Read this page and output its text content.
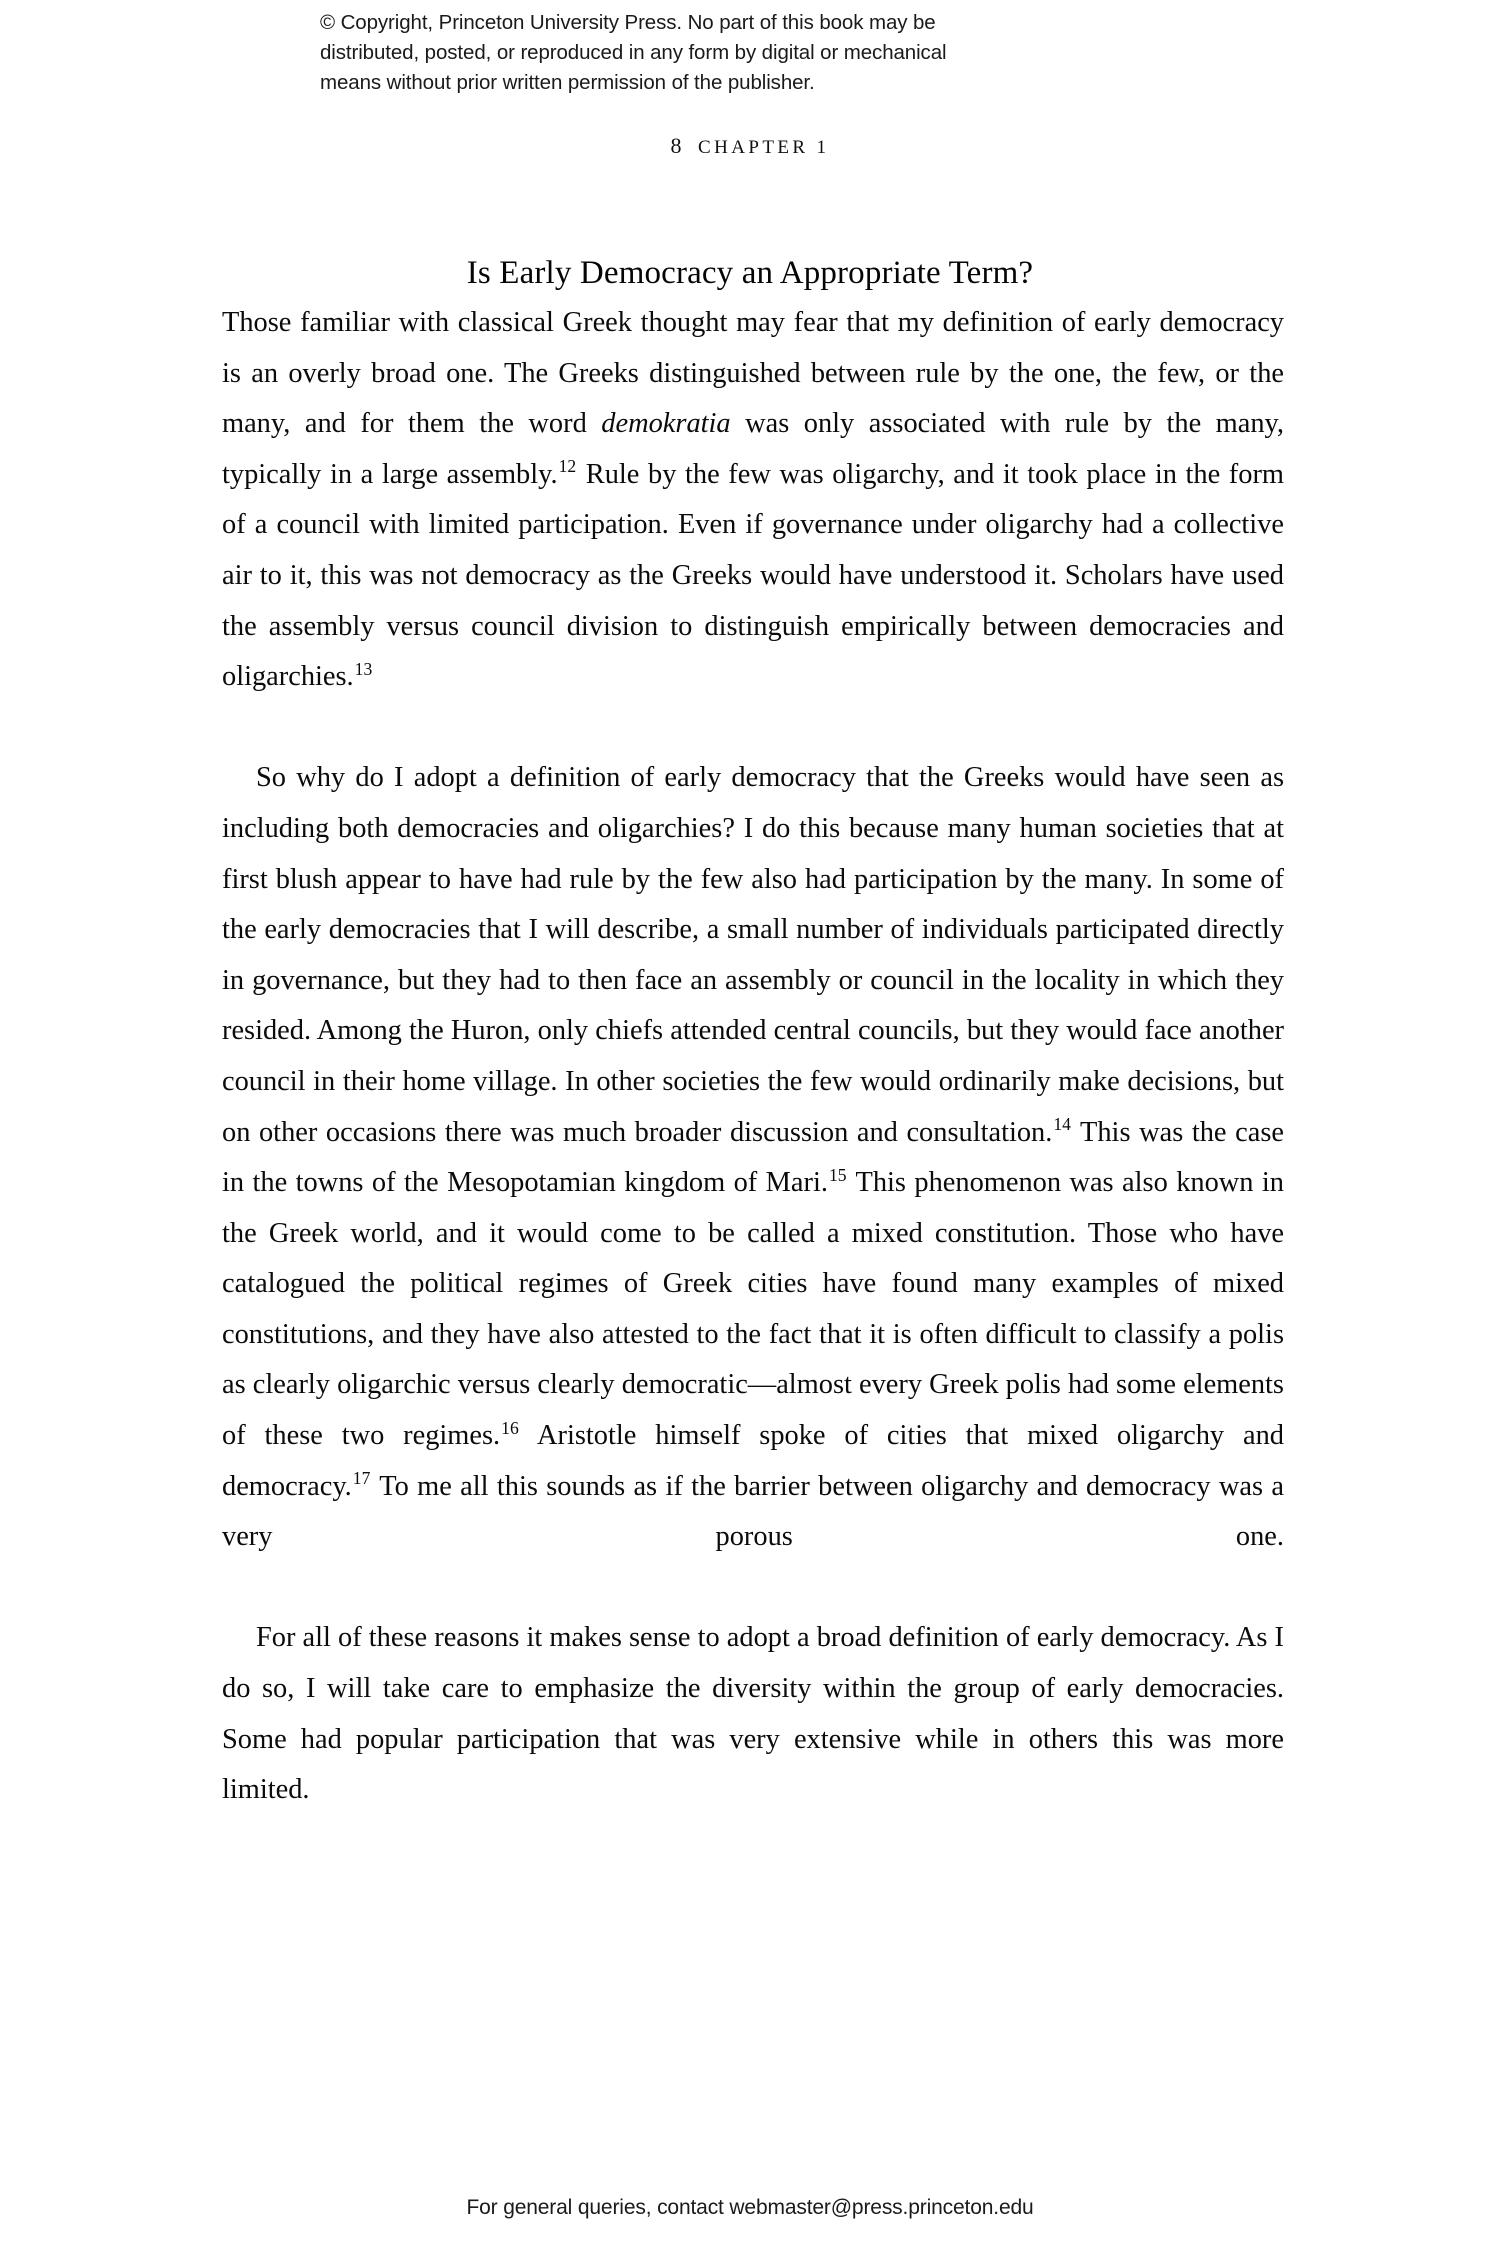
© Copyright, Princeton University Press. No part of this book may be
distributed, posted, or reproduced in any form by digital or mechanical
means without prior written permission of the publisher.
8 CHAPTER 1
Is Early Democracy an Appropriate Term?

Those familiar with classical Greek thought may fear that my definition of early democracy is an overly broad one. The Greeks distinguished between rule by the one, the few, or the many, and for them the word demokratia was only associated with rule by the many, typically in a large assembly.$^{12}$ Rule by the few was oligarchy, and it took place in the form of a council with limited participation. Even if governance under oligarchy had a collective air to it, this was not democracy as the Greeks would have understood it. Scholars have used the assembly versus council division to distinguish empirically between democracies and oligarchies.$^{13}$

So why do I adopt a definition of early democracy that the Greeks would have seen as including both democracies and oligarchies? I do this because many human societies that at first blush appear to have had rule by the few also had participation by the many. In some of the early democracies that I will describe, a small number of individuals participated directly in governance, but they had to then face an assembly or council in the locality in which they resided. Among the Huron, only chiefs attended central councils, but they would face another council in their home village. In other societies the few would ordinarily make decisions, but on other occasions there was much broader discussion and consultation.$^{14}$ This was the case in the towns of the Mesopotamian kingdom of Mari.$^{15}$ This phenomenon was also known in the Greek world, and it would come to be called a mixed constitution. Those who have catalogued the political regimes of Greek cities have found many examples of mixed constitutions, and they have also attested to the fact that it is often difficult to classify a polis as clearly oligarchic versus clearly democratic—almost every Greek polis had some elements of these two regimes.$^{16}$ Aristotle himself spoke of cities that mixed oligarchy and democracy.$^{17}$ To me all this sounds as if the barrier between oligarchy and democracy was a very porous one.

For all of these reasons it makes sense to adopt a broad definition of early democracy. As I do so, I will take care to emphasize the diversity within the group of early democracies. Some had popular participation that was very extensive while in others this was more limited.

For general queries, contact webmaster@press.princeton.edu
